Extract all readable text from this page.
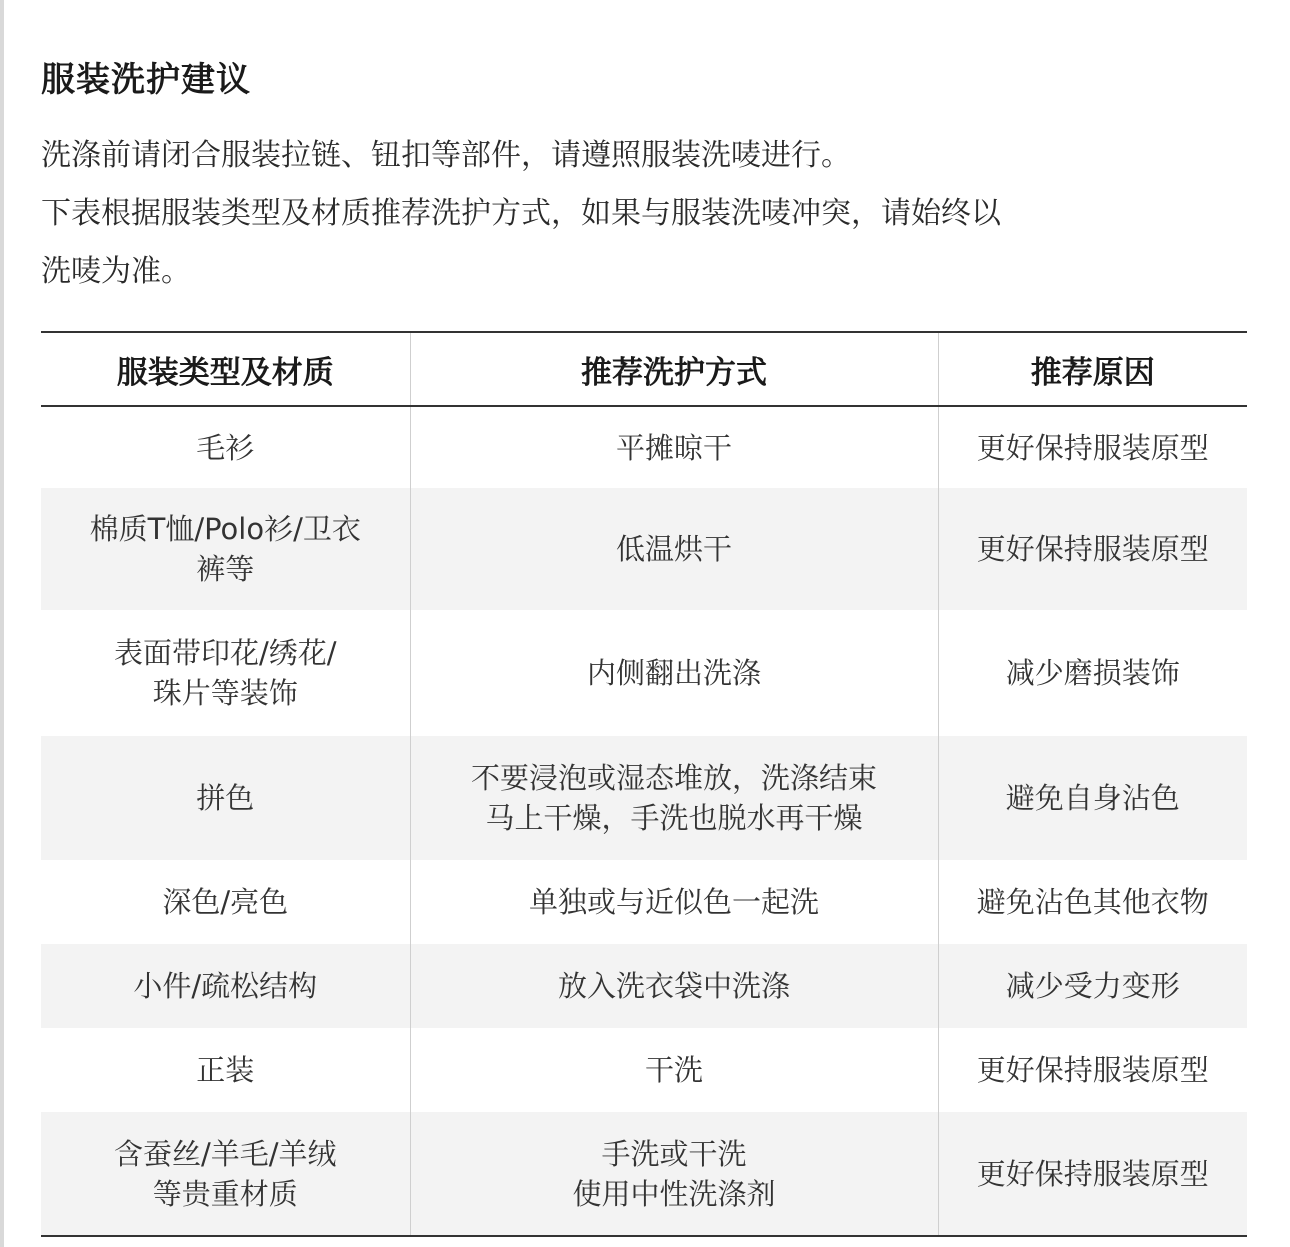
服装洗护建议

洗涤前请闭合服装拉链、钮扣等部件，请遵照服装洗唛进行。

下表根据服装类型及材质推荐洗护方式，如果与服装洗唛冲突，请始终以

洗唛为准。

服装类型及材质	推荐洗护方式	推荐原因

毛衫	平摊晾干	更好保持服装原型

棉质T恤/Polo衫/卫衣
裤等	低温烘干	更好保持服装原型

表面带印花/绣花/
珠片等装饰	内侧翻出洗涤	减少磨损装饰

拼色	不要浸泡或湿态堆放，洗涤结束
马上干燥，手洗也脱水再干燥	避免自身沾色

深色/亮色	单独或与近似色一起洗	避免沾色其他衣物

小件/疏松结构	放入洗衣袋中洗涤	减少受力变形

正装	干洗	更好保持服装原型

含蚕丝/羊毛/羊绒
等贵重材质	手洗或干洗
使用中性洗涤剂	更好保持服装原型
